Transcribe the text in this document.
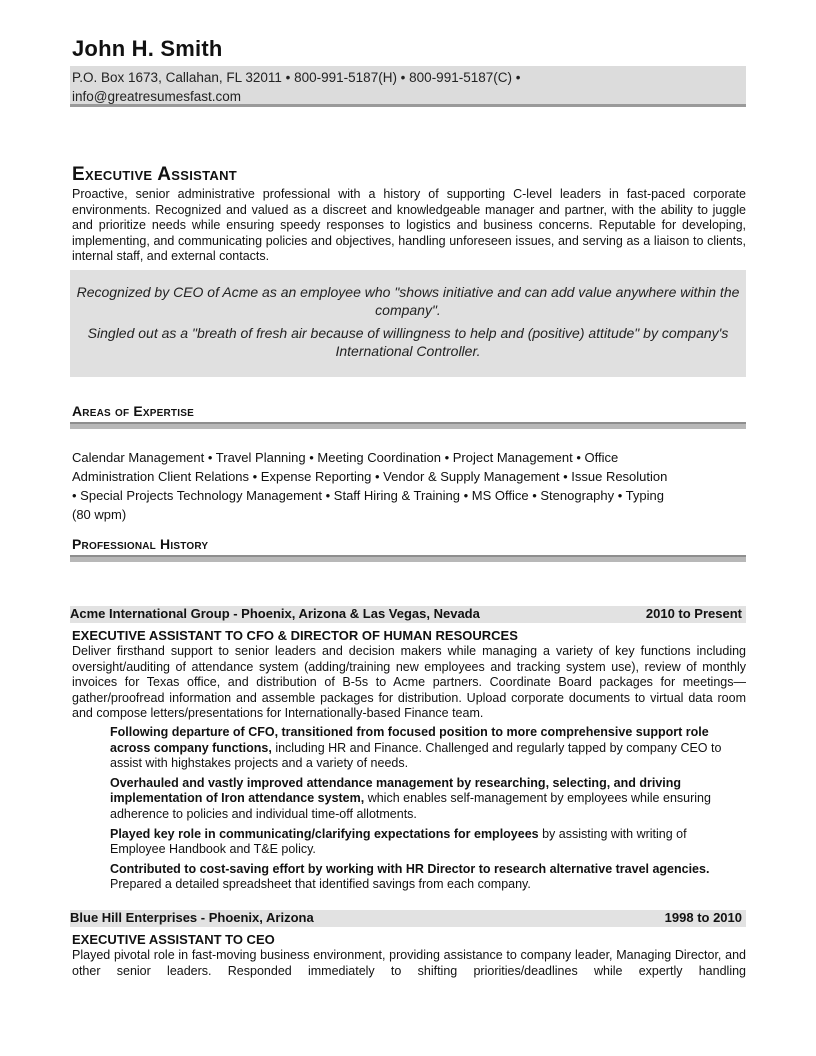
John H. Smith
P.O. Box 1673, Callahan, FL 32011 • 800-991-5187(H) • 800-991-5187(C) •
info@greatresumesfast.com
Executive Assistant
Proactive, senior administrative professional with a history of supporting C-level leaders in fast-paced corporate environments. Recognized and valued as a discreet and knowledgeable manager and partner, with the ability to juggle and prioritize needs while ensuring speedy responses to logistics and business concerns. Reputable for developing, implementing, and communicating policies and objectives, handling unforeseen issues, and serving as a liaison to clients, internal staff, and external contacts.
Recognized by CEO of Acme as an employee who "shows initiative and can add value anywhere within the company".
Singled out as a "breath of fresh air because of willingness to help and (positive) attitude" by company's International Controller.
Areas of Expertise
Calendar Management • Travel Planning • Meeting Coordination • Project Management • Office
Administration Client Relations • Expense Reporting • Vendor & Supply Management • Issue Resolution
• Special Projects Technology Management • Staff Hiring & Training • MS Office • Stenography • Typing
(80 wpm)
Professional History
Acme International Group - Phoenix, Arizona & Las Vegas, Nevada	2010 to Present
EXECUTIVE ASSISTANT TO CFO & DIRECTOR OF HUMAN RESOURCES
Deliver firsthand support to senior leaders and decision makers while managing a variety of key functions including oversight/auditing of attendance system (adding/training new employees and tracking system use), review of monthly invoices for Texas office, and distribution of B-5s to Acme partners. Coordinate Board packages for meetings—gather/proofread information and assemble packages for distribution. Upload corporate documents to virtual data room and compose letters/presentations for Internationally-based Finance team.

Following departure of CFO, transitioned from focused position to more comprehensive support role across company functions, including HR and Finance. Challenged and regularly tapped by company CEO to assist with highstakes projects and a variety of needs.

Overhauled and vastly improved attendance management by researching, selecting, and driving implementation of Iron attendance system, which enables self-management by employees while ensuring adherence to policies and individual time-off allotments.

Played key role in communicating/clarifying expectations for employees by assisting with writing of Employee Handbook and T&E policy.

Contributed to cost-saving effort by working with HR Director to research alternative travel agencies. Prepared a detailed spreadsheet that identified savings from each company.

Blue Hill Enterprises - Phoenix, Arizona	1998 to 2010
EXECUTIVE ASSISTANT TO CEO
Played pivotal role in fast-moving business environment, providing assistance to company leader, Managing Director, and other senior leaders. Responded immediately to shifting priorities/deadlines while expertly handling
